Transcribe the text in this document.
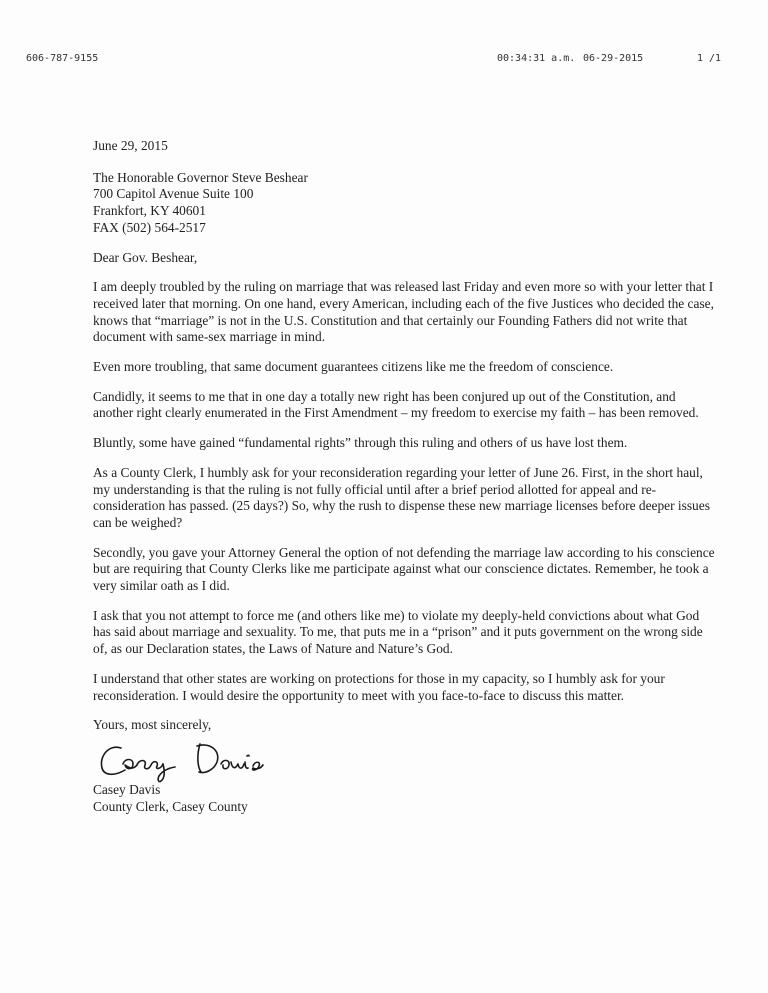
606-787-9155	00:34:31 a.m. 06-29-2015	1 /1

June 29, 2015

The Honorable Governor Steve Beshear
700 Capitol Avenue Suite 100
Frankfort, KY 40601
FAX (502) 564-2517

Dear Gov. Beshear,

I am deeply troubled by the ruling on marriage that was released last Friday and even more so with your letter that I received later that morning. On one hand, every American, including each of the five Justices who decided the case, knows that “marriage” is not in the U.S. Constitution and that certainly our Founding Fathers did not write that document with same-sex marriage in mind.

Even more troubling, that same document guarantees citizens like me the freedom of conscience.

Candidly, it seems to me that in one day a totally new right has been conjured up out of the Constitution, and another right clearly enumerated in the First Amendment – my freedom to exercise my faith – has been removed.

Bluntly, some have gained “fundamental rights” through this ruling and others of us have lost them.

As a County Clerk, I humbly ask for your reconsideration regarding your letter of June 26. First, in the short haul, my understanding is that the ruling is not fully official until after a brief period allotted for appeal and re-consideration has passed. (25 days?) So, why the rush to dispense these new marriage licenses before deeper issues can be weighed?

Secondly, you gave your Attorney General the option of not defending the marriage law according to his conscience but are requiring that County Clerks like me participate against what our conscience dictates. Remember, he took a very similar oath as I did.

I ask that you not attempt to force me (and others like me) to violate my deeply-held convictions about what God has said about marriage and sexuality. To me, that puts me in a “prison” and it puts government on the wrong side of, as our Declaration states, the Laws of Nature and Nature’s God.

I understand that other states are working on protections for those in my capacity, so I humbly ask for your reconsideration. I would desire the opportunity to meet with you face-to-face to discuss this matter.

Yours, most sincerely,

Casey Davis
County Clerk, Casey County
